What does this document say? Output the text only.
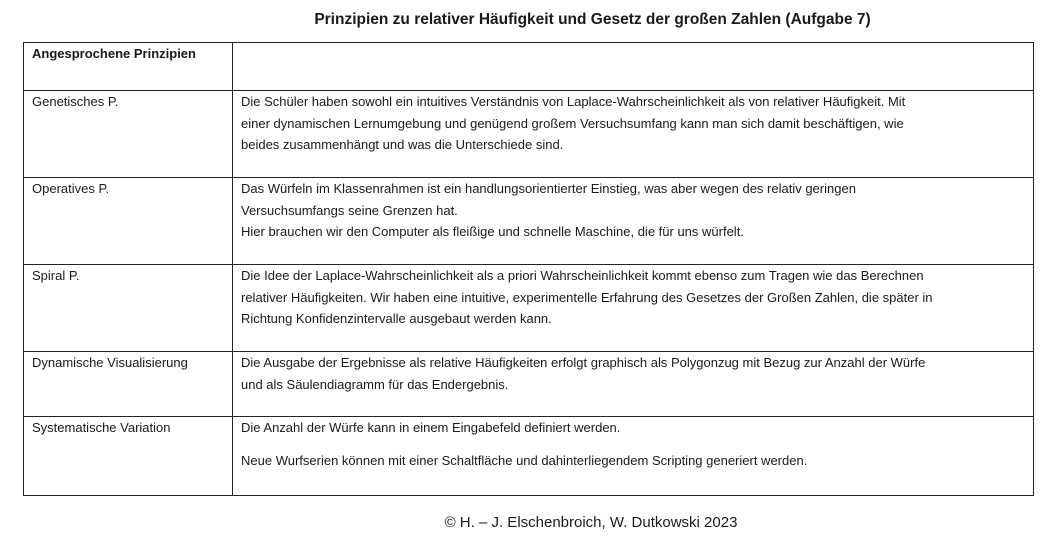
Prinzipien zu relativer Häufigkeit und Gesetz der großen Zahlen (Aufgabe 7)
Angesprochene Prinzipien	
Genetisches P.	Die Schüler haben sowohl ein intuitives Verständnis von Laplace-Wahrscheinlichkeit als von relativer Häufigkeit. Mit
einer dynamischen Lernumgebung und genügend großem Versuchsumfang kann man sich damit beschäftigen, wie
beides zusammenhängt und was die Unterschiede sind.

Operatives P.	Das Würfeln im Klassenrahmen ist ein handlungsorientierter Einstieg, was aber wegen des relativ geringen
Versuchsumfangs seine Grenzen hat.
Hier brauchen wir den Computer als fleißige und schnelle Maschine, die für uns würfelt.

Spiral P.	Die Idee der Laplace-Wahrscheinlichkeit als a priori Wahrscheinlichkeit kommt ebenso zum Tragen wie das Berechnen
relativer Häufigkeiten. Wir haben eine intuitive, experimentelle Erfahrung des Gesetzes der Großen Zahlen, die später in
Richtung Konfidenzintervalle ausgebaut werden kann.

Dynamische Visualisierung	Die Ausgabe der Ergebnisse als relative Häufigkeiten erfolgt graphisch als Polygonzug mit Bezug zur Anzahl der Würfe
und als Säulendiagramm für das Endergebnis.

Systematische Variation	Die Anzahl der Würfe kann in einem Eingabefeld definiert werden.
Neue Wurfserien können mit einer Schaltfläche und dahinterliegendem Scripting generiert werden.
© H. – J. Elschenbroich, W. Dutkowski 2023
